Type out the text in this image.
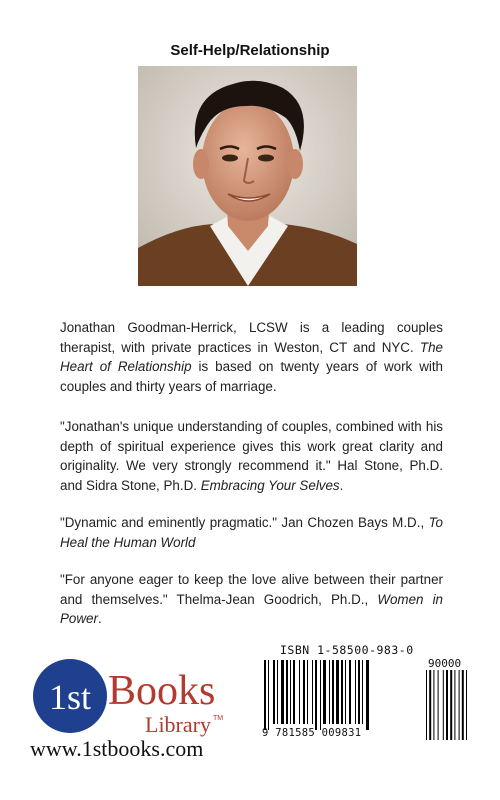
Self-Help/Relationship
Jonathan Goodman-Herrick, LCSW is a leading couples therapist, with private practices in Weston, CT and NYC. The Heart of Relationship is based on twenty years of work with couples and thirty years of marriage.
"Jonathan's unique understanding of couples, combined with his depth of spiritual experience gives this work great clarity and originality. We very strongly recommend it." Hal Stone, Ph.D. and Sidra Stone, Ph.D. Embracing Your Selves.
"Dynamic and eminently pragmatic." Jan Chozen Bays M.D., To Heal the Human World
"For anyone eager to keep the love alive between their partner and themselves." Thelma-Jean Goodrich, Ph.D., Women in Power.
1st Books
Library TM
www.1stbooks.com
ISBN 1-58500-983-0
90000
9 781585 009831
